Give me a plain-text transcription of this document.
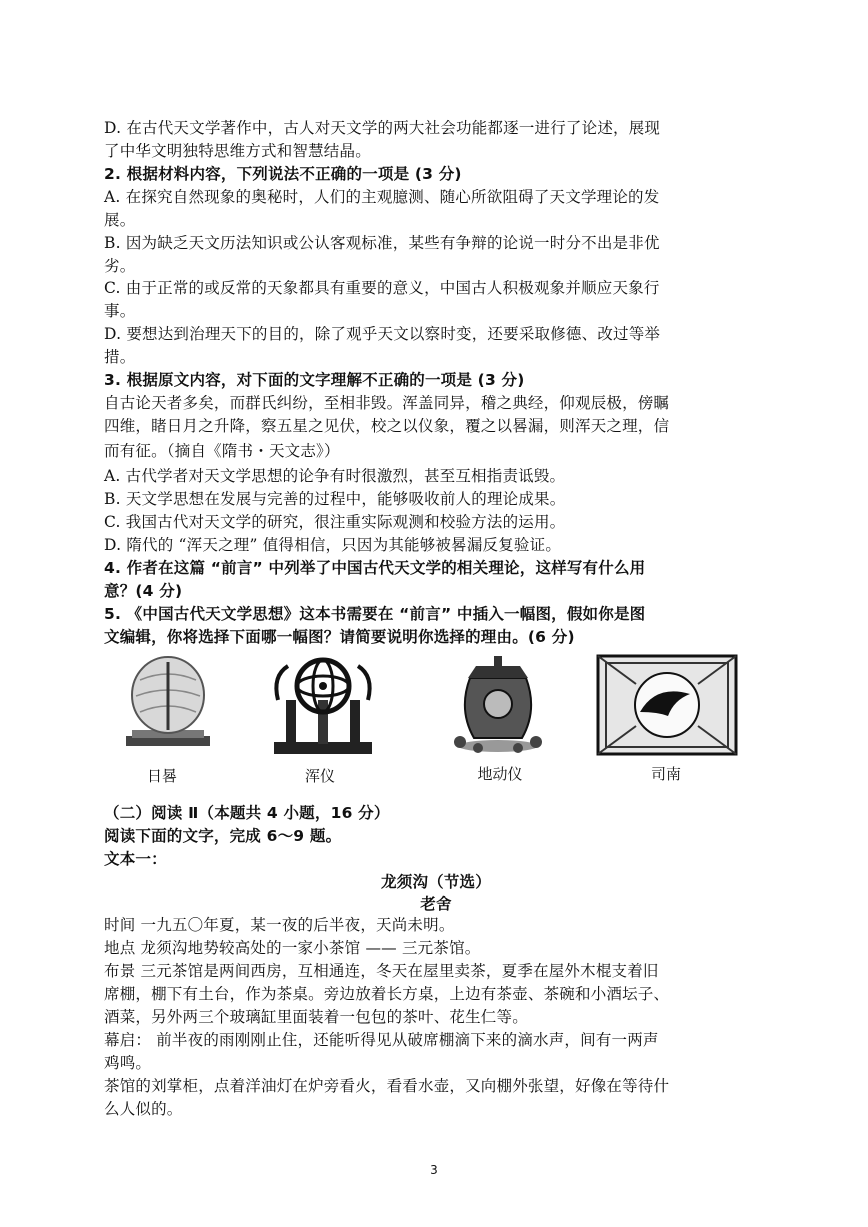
D. 在古代天文学著作中，古人对天文学的两大社会功能都逐一进行了论述，展现
了中华文明独特思维方式和智慧结晶。
2. 根据材料内容，下列说法不正确的一项是 (3 分)
A. 在探究自然现象的奥秘时，人们的主观臆测、随心所欲阻碍了天文学理论的发
展。
B. 因为缺乏天文历法知识或公认客观标准，某些有争辩的论说一时分不出是非优
劣。
C. 由于正常的或反常的天象都具有重要的意义，中国古人积极观象并顺应天象行
事。
D. 要想达到治理天下的目的，除了观乎天文以察时变，还要采取修德、改过等举
措。
3. 根据原文内容，对下面的文字理解不正确的一项是 (3 分)
自古论天者多矣，而群氏纠纷，至相非毁。浑盖同异，稽之典经，仰观辰极，傍瞩
四维，睹日月之升降，察五星之见伏，校之以仪象，覆之以晷漏，则浑天之理，信
而有征。（摘自《隋书・天文志》）
A. 古代学者对天文学思想的论争有时很激烈，甚至互相指责诋毁。
B. 天文学思想在发展与完善的过程中，能够吸收前人的理论成果。
C. 我国古代对天文学的研究，很注重实际观测和校验方法的运用。
D. 隋代的 “浑天之理” 值得相信，只因为其能够被晷漏反复验证。
4. 作者在这篇 “前言” 中列举了中国古代天文学的相关理论，这样写有什么用
意？(4 分)
5. 《中国古代天文学思想》这本书需要在 “前言” 中插入一幅图，假如你是图
文编辑，你将选择下面哪一幅图？请简要说明你选择的理由。(6 分)
日晷	浑仪	地动仪	司南
（二）阅读 Ⅱ（本题共 4 小题，16 分）
阅读下面的文字，完成 6～9 题。
文本一：
龙须沟（节选）
老舍
时间 一九五〇年夏，某一夜的后半夜，天尚未明。
地点 龙须沟地势较高处的一家小茶馆 —— 三元茶馆。
布景 三元茶馆是两间西房，互相通连，冬天在屋里卖茶，夏季在屋外木棍支着旧
席棚，棚下有土台，作为茶桌。旁边放着长方桌，上边有茶壶、茶碗和小酒坛子、
酒菜，另外两三个玻璃缸里面装着一包包的茶叶、花生仁等。
幕启： 前半夜的雨刚刚止住，还能听得见从破席棚滴下来的滴水声，间有一两声
鸡鸣。
茶馆的刘掌柜，点着洋油灯在炉旁看火，看看水壶，又向棚外张望，好像在等待什
么人似的。
3
